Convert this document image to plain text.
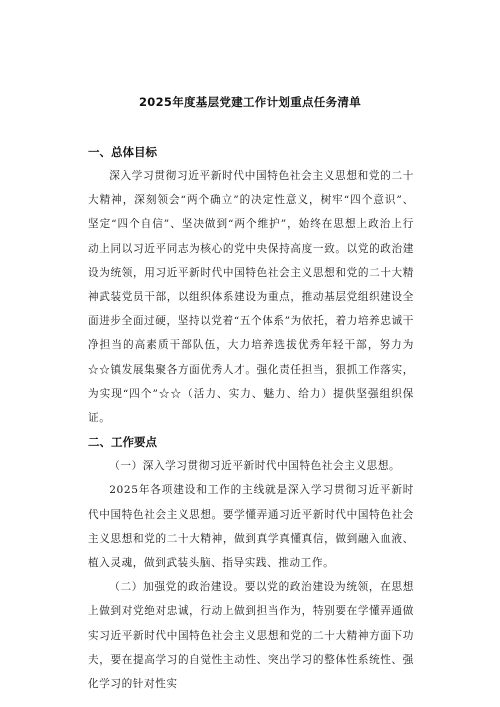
2025年度基层党建工作计划重点任务清单
一、总体目标

深入学习贯彻习近平新时代中国特色社会主义思想和党的二十大精神，深刻领会“两个确立”的决定性意义，树牢“四个意识”、坚定“四个自信”、坚决做到“两个维护”，始终在思想上政治上行动上同以习近平同志为核心的党中央保持高度一致。以党的政治建设为统领，用习近平新时代中国特色社会主义思想和党的二十大精神武装党员干部，以组织体系建设为重点，推动基层党组织建设全面进步全面过硬，坚持以党着“五个体系”为依托，着力培养忠诚干净担当的高素质干部队伍，大力培养选拔优秀年轻干部，努力为☆☆镇发展集聚各方面优秀人才。强化责任担当，狠抓工作落实，为实现“四个”☆☆（活力、实力、魅力、给力）提供坚强组织保证。

二、工作要点

（一）深入学习贯彻习近平新时代中国特色社会主义思想。

2025年各项建设和工作的主线就是深入学习贯彻习近平新时代中国特色社会主义思想。要学懂弄通习近平新时代中国特色社会主义思想和党的二十大精神，做到真学真懂真信，做到融入血液、植入灵魂，做到武装头脑、指导实践、推动工作。

（二）加强党的政治建设。要以党的政治建设为统领，在思想上做到对党绝对忠诚，行动上做到担当作为，特别要在学懂弄通做实习近平新时代中国特色社会主义思想和党的二十大精神方面下功夫，要在提高学习的自觉性主动性、突出学习的整体性系统性、强化学习的针对性实
